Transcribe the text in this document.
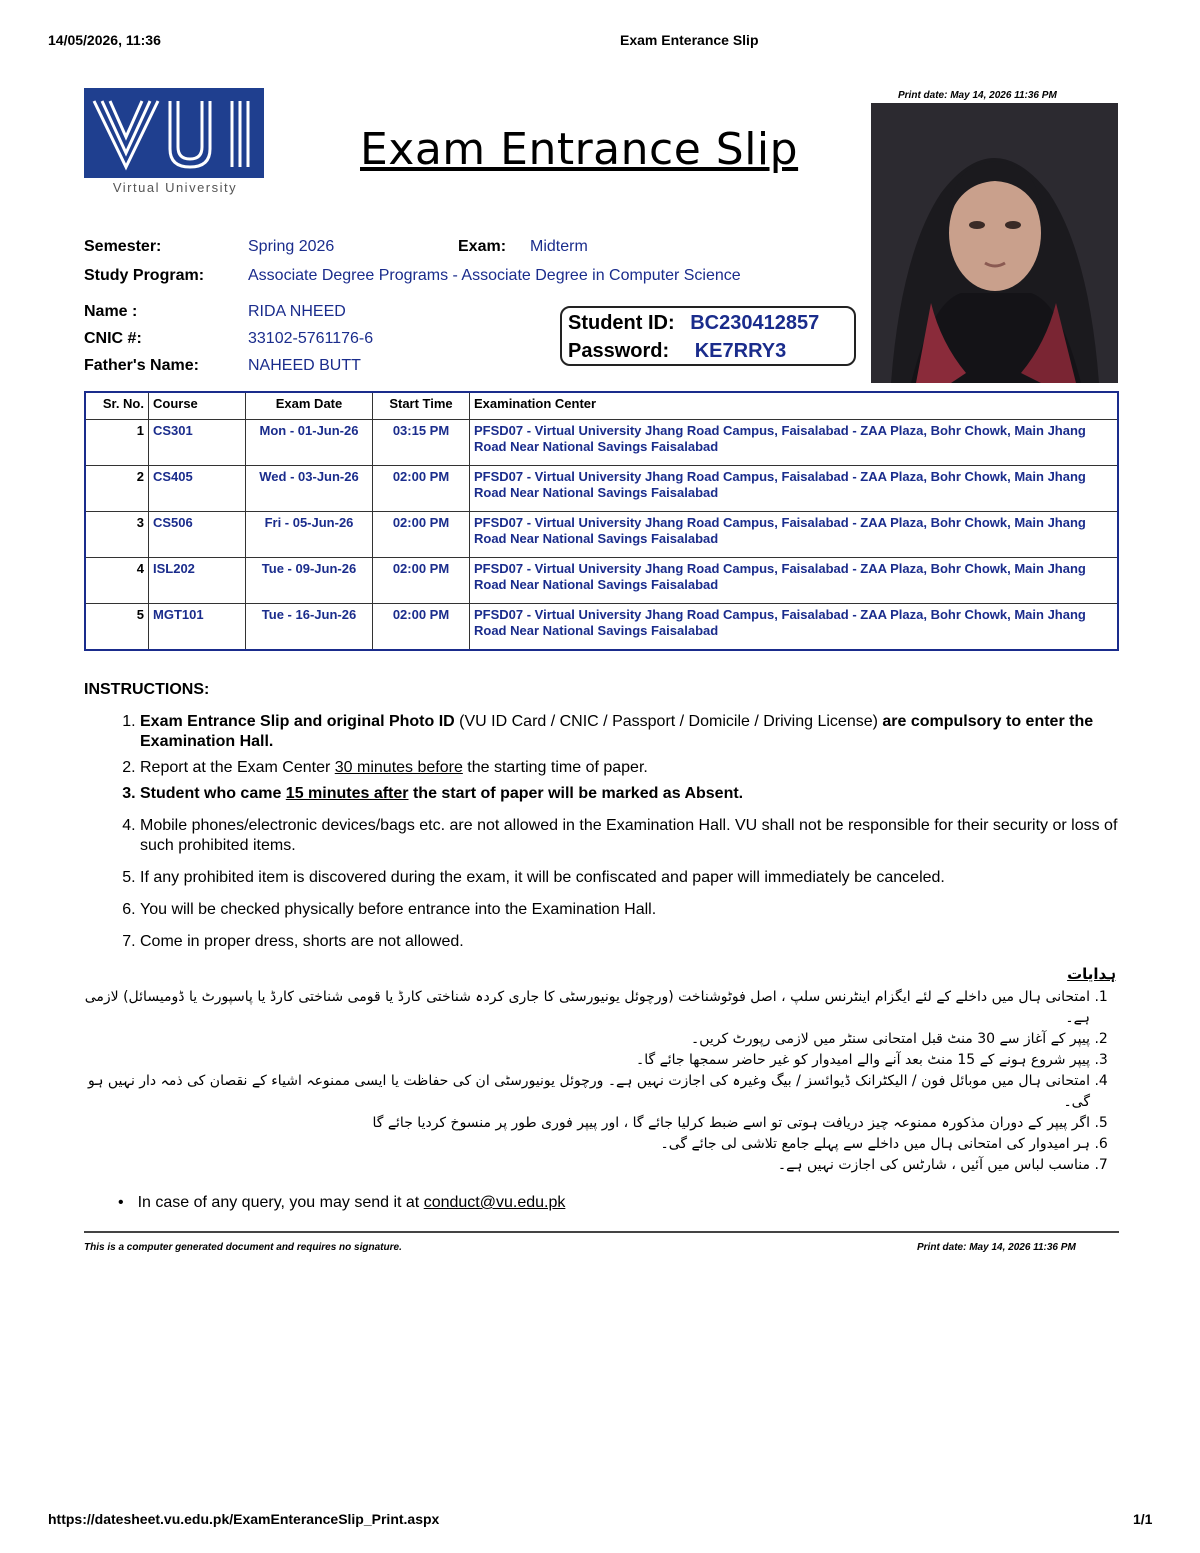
14/05/2026, 11:36	Exam Enterance Slip
Virtual University
Exam Entrance Slip
Print date: May 14, 2026 11:36 PM
Semester:	Spring 2026	Exam: Midterm
Study Program:	Associate Degree Programs - Associate Degree in Computer Science
Name :	RIDA NHEED
CNIC #:	33102-5761176-6
Father's Name:	NAHEED BUTT
Student ID: BC230412857
Password: KE7RRY3
Sr. No.	Course	Exam Date	Start Time	Examination Center
1	CS301	Mon - 01-Jun-26	03:15 PM	PFSD07 - Virtual University Jhang Road Campus, Faisalabad - ZAA Plaza, Bohr Chowk, Main Jhang Road Near National Savings Faisalabad
2	CS405	Wed - 03-Jun-26	02:00 PM	PFSD07 - Virtual University Jhang Road Campus, Faisalabad - ZAA Plaza, Bohr Chowk, Main Jhang Road Near National Savings Faisalabad
3	CS506	Fri - 05-Jun-26	02:00 PM	PFSD07 - Virtual University Jhang Road Campus, Faisalabad - ZAA Plaza, Bohr Chowk, Main Jhang Road Near National Savings Faisalabad
4	ISL202	Tue - 09-Jun-26	02:00 PM	PFSD07 - Virtual University Jhang Road Campus, Faisalabad - ZAA Plaza, Bohr Chowk, Main Jhang Road Near National Savings Faisalabad
5	MGT101	Tue - 16-Jun-26	02:00 PM	PFSD07 - Virtual University Jhang Road Campus, Faisalabad - ZAA Plaza, Bohr Chowk, Main Jhang Road Near National Savings Faisalabad
INSTRUCTIONS:
1. Exam Entrance Slip and original Photo ID (VU ID Card / CNIC / Passport / Domicile / Driving License) are compulsory to enter the Examination Hall.
2. Report at the Exam Center 30 minutes before the starting time of paper.
3. Student who came 15 minutes after the start of paper will be marked as Absent.
4. Mobile phones/electronic devices/bags etc. are not allowed in the Examination Hall. VU shall not be responsible for their security or loss of such prohibited items.
5. If any prohibited item is discovered during the exam, it will be confiscated and paper will immediately be canceled.
6. You will be checked physically before entrance into the Examination Hall.
7. Come in proper dress, shorts are not allowed.
ہدایات
1. امتحانی ہال میں داخلے کے لئے ایگزام اینٹرنس سلپ ، اصل فوٹوشناخت (ورچوئل یونیورسٹی کا جاری کردہ شناختی کارڈ یا قومی شناختی کارڈ یا پاسپورٹ یا ڈومیسائل) لازمی ہے۔
2. پیپر کے آغاز سے 30 منٹ قبل امتحانی سنٹر میں لازمی رپورٹ کریں۔
3. پیپر شروع ہونے کے 15 منٹ بعد آنے والے امیدوار کو غیر حاضر سمجھا جائے گا۔
4. امتحانی ہال میں موبائل فون / الیکٹرانک ڈیوائسز / بیگ وغیرہ کی اجازت نہیں ہے۔ ورچوئل یونیورسٹی ان کی حفاظت یا ایسی ممنوعہ اشیاء کے نقصان کی ذمہ دار نہیں ہو گی۔
5. اگر پیپر کے دوران مذکورہ ممنوعہ چیز دریافت ہوتی تو اسے ضبط کرلیا جائے گا ، اور پیپر فوری طور پر منسوخ کردیا جائے گا
6. ہر امیدوار کی امتحانی ہال میں داخلے سے پہلے جامع تلاشی لی جائے گی۔
7. مناسب لباس میں آئیں ، شارٹس کی اجازت نہیں ہے۔
• In case of any query, you may send it at conduct@vu.edu.pk
This is a computer generated document and requires no signature.	Print date: May 14, 2026 11:36 PM
https://datesheet.vu.edu.pk/ExamEnteranceSlip_Print.aspx	1/1
